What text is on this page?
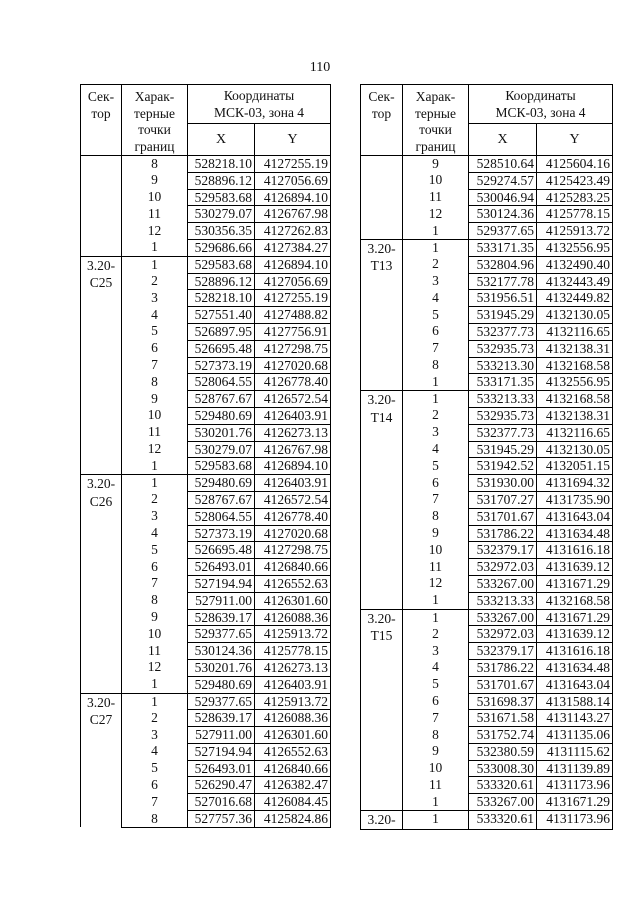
110
Сек-
тор	Харак-
терные
точки
границ	Координаты
МСК-03, зона 4	
		X	Y
	8	528218.10	4127255.19
	9	528896.12	4127056.69
	10	529583.68	4126894.10
	11	530279.07	4126767.98
	12	530356.35	4127262.83
	1	529686.66	4127384.27
3.20-
С25	1	529583.68	4126894.10
	2	528896.12	4127056.69
	3	528218.10	4127255.19
	4	527551.40	4127488.82
	5	526897.95	4127756.91
	6	526695.48	4127298.75
	7	527373.19	4127020.68
	8	528064.55	4126778.40
	9	528767.67	4126572.54
	10	529480.69	4126403.91
	11	530201.76	4126273.13
	12	530279.07	4126767.98
	1	529583.68	4126894.10
3.20-
С26	1	529480.69	4126403.91
	2	528767.67	4126572.54
	3	528064.55	4126778.40
	4	527373.19	4127020.68
	5	526695.48	4127298.75
	6	526493.01	4126840.66
	7	527194.94	4126552.63
	8	527911.00	4126301.60
	9	528639.17	4126088.36
	10	529377.65	4125913.72
	11	530124.36	4125778.15
	12	530201.76	4126273.13
	1	529480.69	4126403.91
3.20-
С27	1	529377.65	4125913.72
	2	528639.17	4126088.36
	3	527911.00	4126301.60
	4	527194.94	4126552.63
	5	526493.01	4126840.66
	6	526290.47	4126382.47
	7	527016.68	4126084.45
	8	527757.36	4125824.86
Сек-
тор	Харак-
терные
точки
границ	Координаты
МСК-03, зона 4	
		X	Y
	9	528510.64	4125604.16
	10	529274.57	4125423.49
	11	530046.94	4125283.25
	12	530124.36	4125778.15
	1	529377.65	4125913.72
3.20-
Т13	1	533171.35	4132556.95
	2	532804.96	4132490.40
	3	532177.78	4132443.49
	4	531956.51	4132449.82
	5	531945.29	4132130.05
	6	532377.73	4132116.65
	7	532935.73	4132138.31
	8	533213.30	4132168.58
	1	533171.35	4132556.95
3.20-
Т14	1	533213.33	4132168.58
	2	532935.73	4132138.31
	3	532377.73	4132116.65
	4	531945.29	4132130.05
	5	531942.52	4132051.15
	6	531930.00	4131694.32
	7	531707.27	4131735.90
	8	531701.67	4131643.04
	9	531786.22	4131634.48
	10	532379.17	4131616.18
	11	532972.03	4131639.12
	12	533267.00	4131671.29
	1	533213.33	4132168.58
3.20-
Т15	1	533267.00	4131671.29
	2	532972.03	4131639.12
	3	532379.17	4131616.18
	4	531786.22	4131634.48
	5	531701.67	4131643.04
	6	531698.37	4131588.14
	7	531671.58	4131143.27
	8	531752.74	4131135.06
	9	532380.59	4131115.62
	10	533008.30	4131139.89
	11	533320.61	4131173.96
	1	533267.00	4131671.29
3.20-	1	533320.61	4131173.96
